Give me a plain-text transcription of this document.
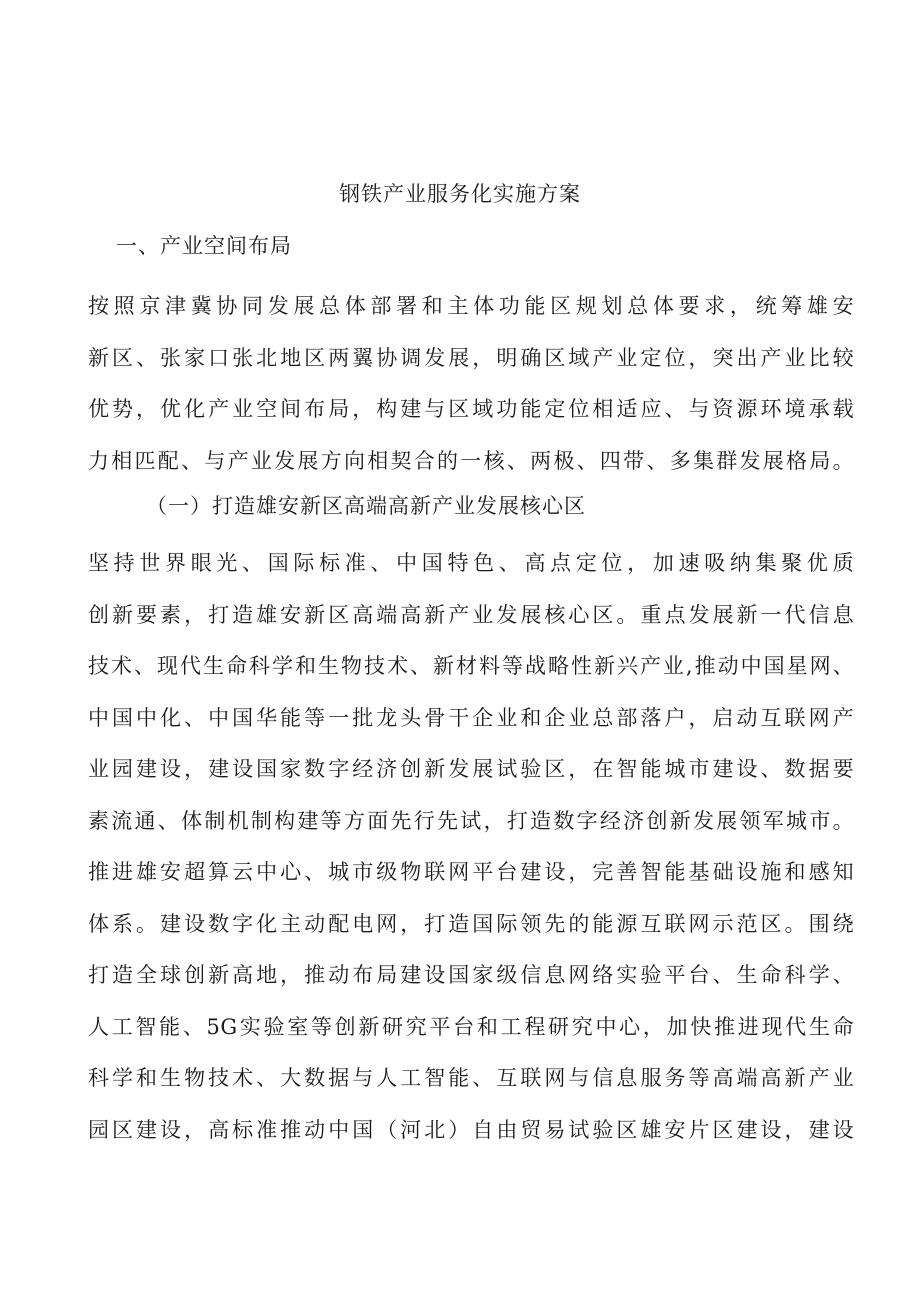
钢铁产业服务化实施方案
一、产业空间布局
按照京津冀协同发展总体部署和主体功能区规划总体要求，统筹雄安
新区、张家口张北地区两翼协调发展，明确区域产业定位，突出产业比较
优势，优化产业空间布局，构建与区域功能定位相适应、与资源环境承载
力相匹配、与产业发展方向相契合的一核、两极、四带、多集群发展格局。
（一）打造雄安新区高端高新产业发展核心区
坚持世界眼光、国际标准、中国特色、高点定位，加速吸纳集聚优质
创新要素，打造雄安新区高端高新产业发展核心区。重点发展新一代信息
技术、现代生命科学和生物技术、新材料等战略性新兴产业,推动中国星网、
中国中化、中国华能等一批龙头骨干企业和企业总部落户，启动互联网产
业园建设，建设国家数字经济创新发展试验区，在智能城市建设、数据要
素流通、体制机制构建等方面先行先试，打造数字经济创新发展领军城市。
推进雄安超算云中心、城市级物联网平台建设，完善智能基础设施和感知
体系。建设数字化主动配电网，打造国际领先的能源互联网示范区。围绕
打造全球创新高地，推动布局建设国家级信息网络实验平台、生命科学、
人工智能、5G实验室等创新研究平台和工程研究中心，加快推进现代生命
科学和生物技术、大数据与人工智能、互联网与信息服务等高端高新产业
园区建设，高标准推动中国（河北）自由贸易试验区雄安片区建设，建设
